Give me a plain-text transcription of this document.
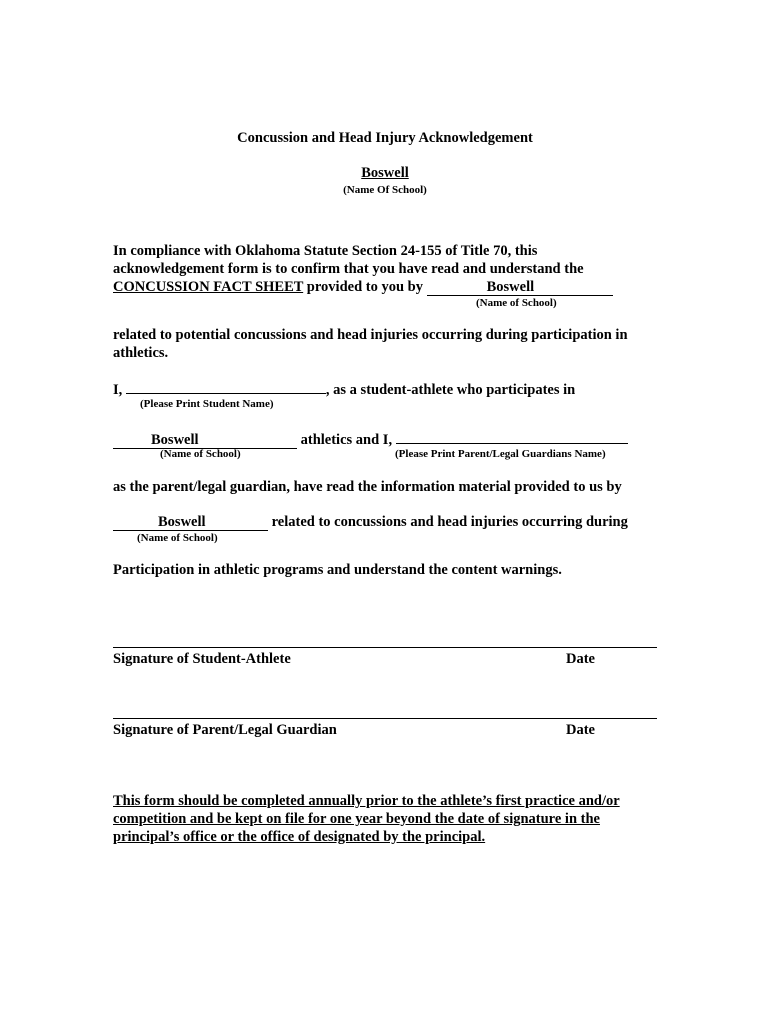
Concussion and Head Injury Acknowledgement
Boswell
(Name Of School)
In compliance with Oklahoma Statute Section 24-155 of Title 70, this
acknowledgement form is to confirm that you have read and understand the
CONCUSSION FACT SHEET provided to you by	Boswell
(Name of School)
related to potential concussions and head injuries occurring during participation in
athletics.
I,	, as a student-athlete who participates in
(Please Print Student Name)
Boswell	athletics and I,
(Name of School)	(Please Print Parent/Legal Guardians Name)
as the parent/legal guardian, have read the information material provided to us by
Boswell	related to concussions and head injuries occurring during
(Name of School)
Participation in athletic programs and understand the content warnings.
Signature of Student-Athlete	Date
Signature of Parent/Legal Guardian	Date
This form should be completed annually prior to the athlete’s first practice and/or
competition and be kept on file for one year beyond the date of signature in the
principal’s office or the office of designated by the principal.
